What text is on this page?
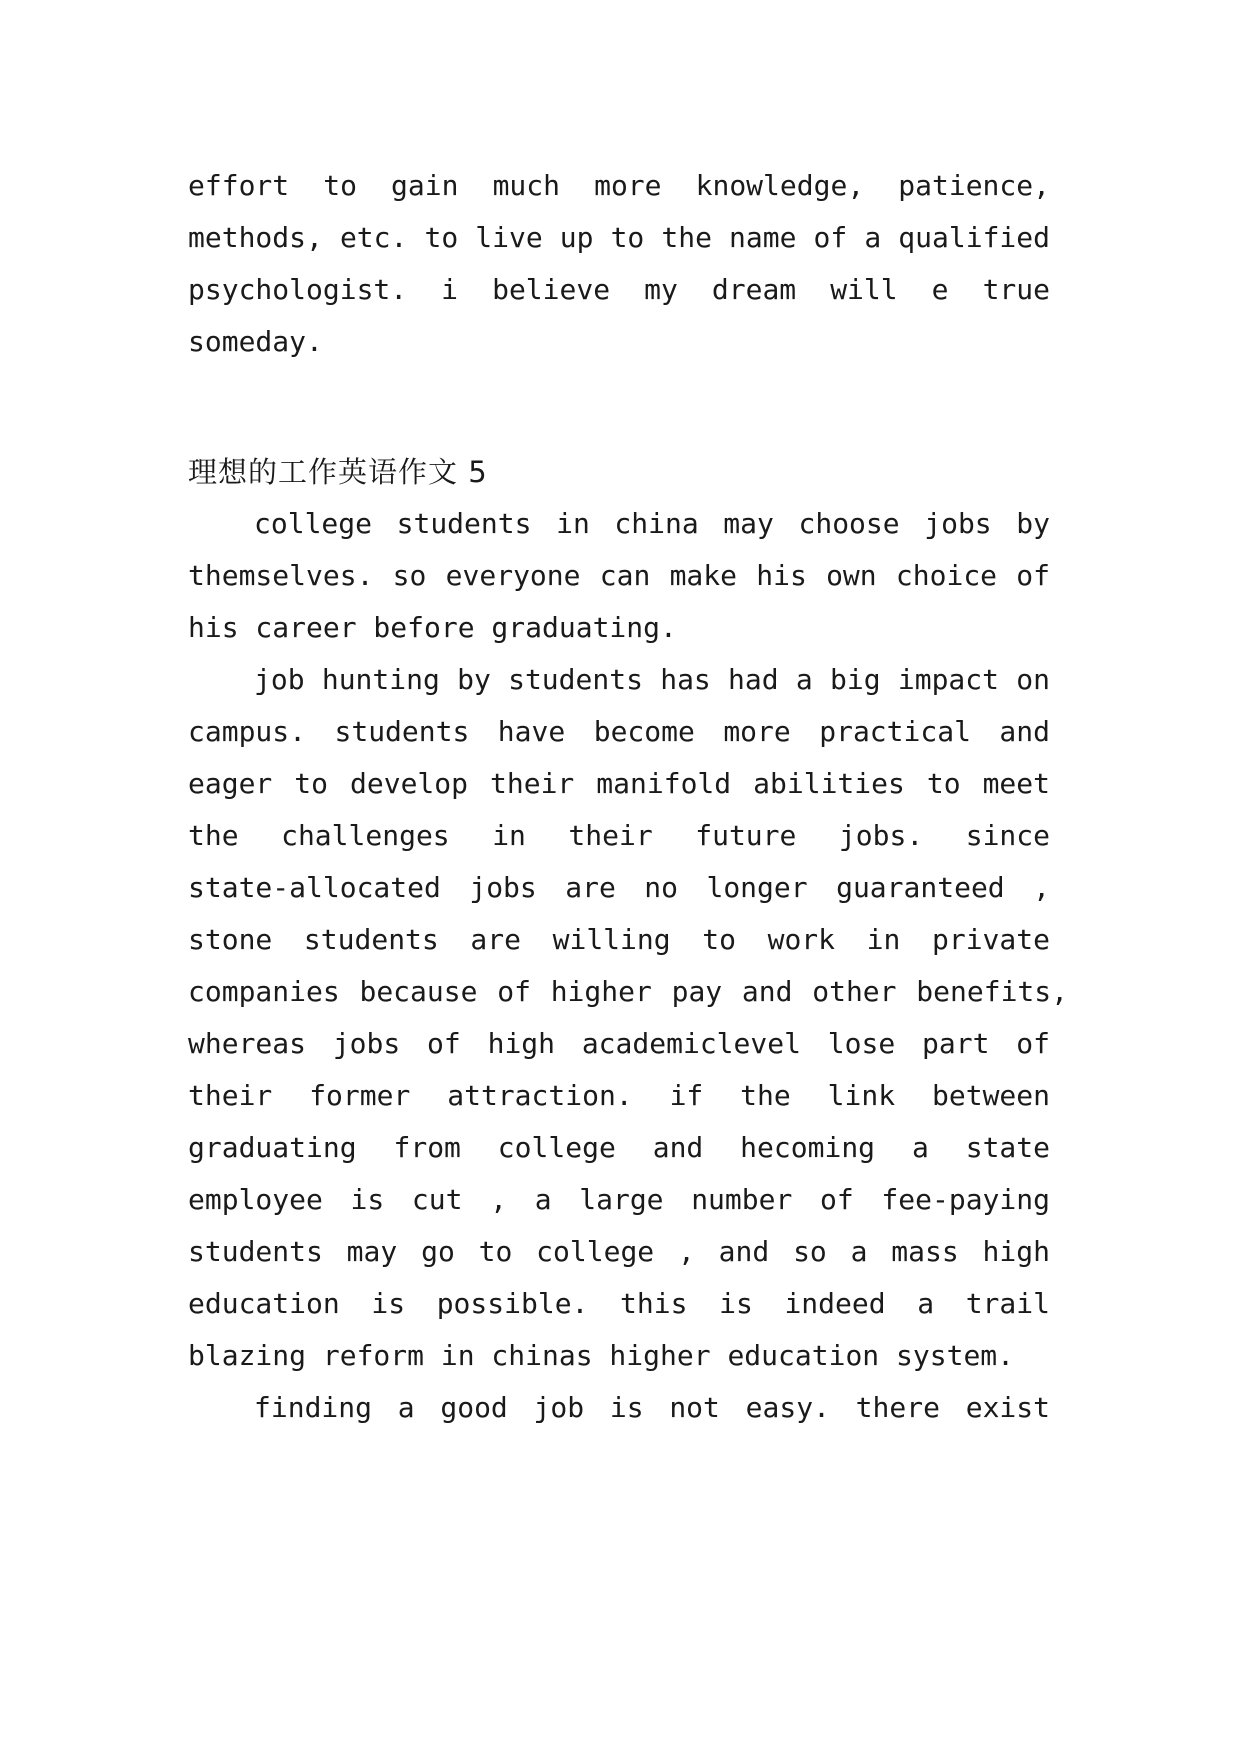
effort to gain much more knowledge, patience,

methods, etc. to live up to the name of a qualified

psychologist. i believe my dream will e true

someday.

理想的工作英语作文 5

college students in china may choose jobs by

themselves. so everyone can make his own choice of

his career before graduating.

job hunting by students has had a big impact on

campus. students have become more practical and

eager to develop their manifold abilities to meet

the challenges in their future jobs. since

state-allocated jobs are no longer guaranteed ,

stone students are willing to work in private

companies because of higher pay and other benefits,

whereas jobs of high academiclevel lose part of

their former attraction. if the link between

graduating from college and hecoming a state

employee is cut , a large number of fee-paying

students may go to college , and so a mass high

education is possible. this is indeed a trail

blazing reform in chinas higher education system.

finding a good job is not easy. there exist
